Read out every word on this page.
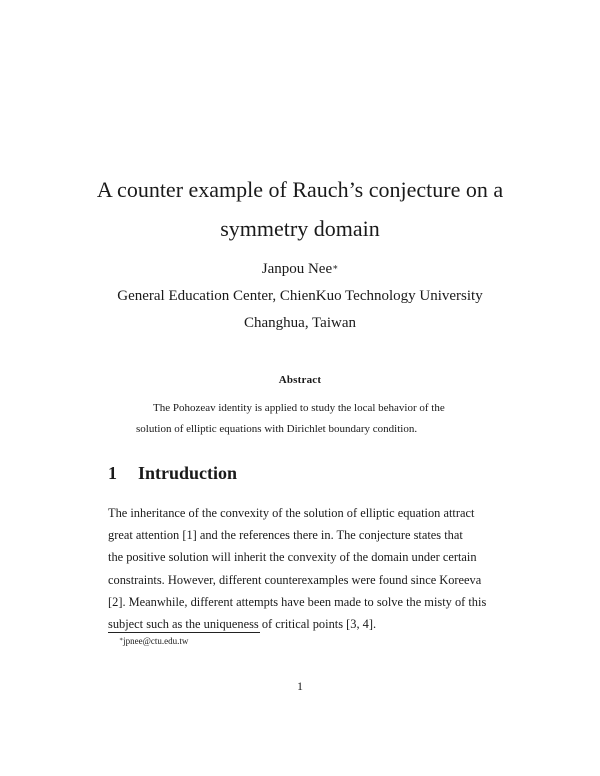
A counter example of Rauch’s conjecture on a
symmetry domain
Janpou Nee∗
General Education Center, ChienKuo Technology University
Changhua, Taiwan
Abstract
The Pohozeav identity is applied to study the local behavior of the
solution of elliptic equations with Dirichlet boundary condition.
1 Intruduction
The inheritance of the convexity of the solution of elliptic equation attract
great attention [1] and the references there in. The conjecture states that
the positive solution will inherit the convexity of the domain under certain
constraints. However, different counterexamples were found since Koreeva
[2]. Meanwhile, different attempts have been made to solve the misty of this
subject such as the uniqueness of critical points [3, 4].
∗jpnee@ctu.edu.tw
1
